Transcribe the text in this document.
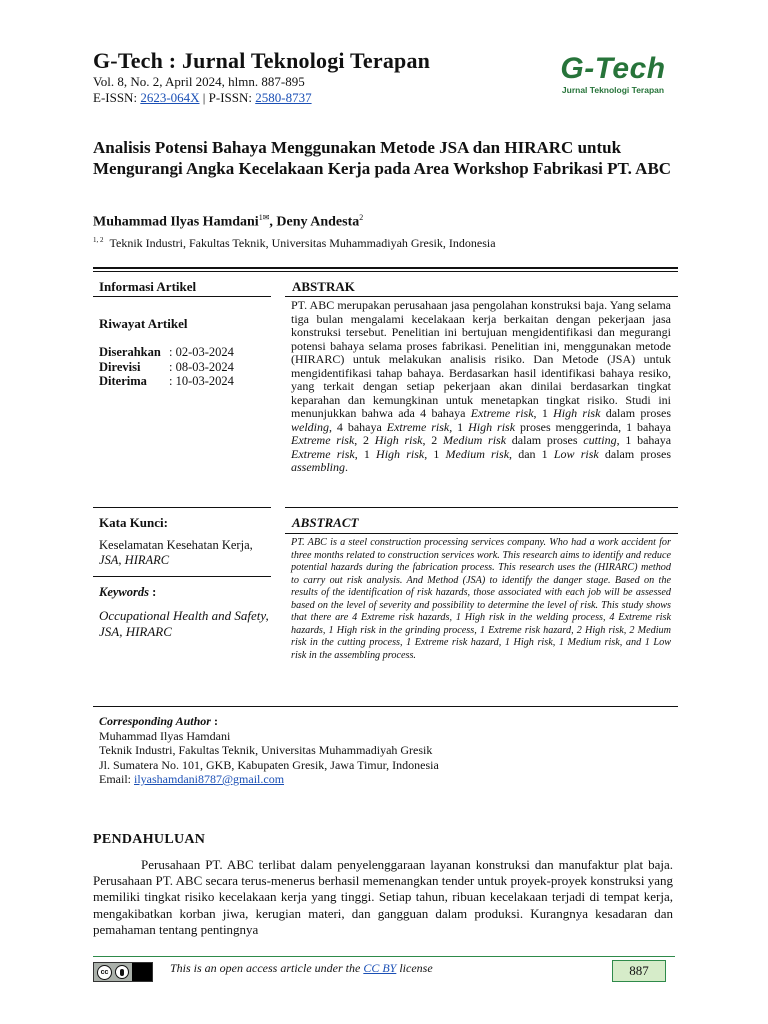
G-Tech : Jurnal Teknologi Terapan
Vol. 8, No. 2, April 2024, hlmn. 887-895
E-ISSN: 2623-064X | P-ISSN: 2580-8737
G-Tech
Jurnal Teknologi Terapan
Analisis Potensi Bahaya Menggunakan Metode JSA dan HIRARC untuk Mengurangi Angka Kecelakaan Kerja pada Area Workshop Fabrikasi PT. ABC
Muhammad Ilyas Hamdani$^{1✉}$, Deny Andesta$^2$
$^{1, 2}$ Teknik Industri, Fakultas Teknik, Universitas Muhammadiyah Gresik, Indonesia
Informasi Artikel
Riwayat Artikel
Diserahkan : 02-03-2024
Direvisi	: 08-03-2024
Diterima	: 10-03-2024
Kata Kunci:
Keselamatan Kesehatan Kerja, JSA, HIRARC
Keywords :
Occupational Health and Safety, JSA, HIRARC
ABSTRAK
PT. ABC merupakan perusahaan jasa pengolahan konstruksi baja. Yang selama tiga bulan mengalami kecelakaan kerja berkaitan dengan pekerjaan jasa konstruksi tersebut. Penelitian ini bertujuan mengidentifikasi dan megurangi potensi bahaya selama proses fabrikasi. Penelitian ini, menggunakan metode (HIRARC) untuk melakukan analisis risiko. Dan Metode (JSA) untuk mengidentifikasi tahap bahaya. Berdasarkan hasil identifikasi bahaya resiko, yang terkait dengan setiap pekerjaan akan dinilai berdasarkan tingkat keparahan dan kemungkinan untuk menetapkan tingkat risiko. Studi ini menunjukkan bahwa ada 4 bahaya Extreme risk, 1 High risk dalam proses welding, 4 bahaya Extreme risk, 1 High risk proses menggerinda, 1 bahaya Extreme risk, 2 High risk, 2 Medium risk dalam proses cutting, 1 bahaya Extreme risk, 1 High risk, 1 Medium risk, dan 1 Low risk dalam proses assembling.
ABSTRACT
PT. ABC is a steel construction processing services company. Who had a work accident for three months related to construction services work. This research aims to identify and reduce potential hazards during the fabrication process. This research uses the (HIRARC) method to carry out risk analysis. And Method (JSA) to identify the danger stage. Based on the results of the identification of risk hazards, those associated with each job will be assessed based on the level of severity and possibility to determine the level of risk. This study shows that there are 4 Extreme risk hazards, 1 High risk in the welding process, 4 Extreme risk hazards, 1 High risk in the grinding process, 1 Extreme risk hazard, 2 High risk, 2 Medium risk in the cutting process, 1 Extreme risk hazard, 1 High risk, 1 Medium risk, and 1 Low risk in the assembling process.
Corresponding Author :
Muhammad Ilyas Hamdani
Teknik Industri, Fakultas Teknik, Universitas Muhammadiyah Gresik
Jl. Sumatera No. 101, GKB, Kabupaten Gresik, Jawa Timur, Indonesia
Email: ilyashamdani8787@gmail.com
PENDAHULUAN
Perusahaan PT. ABC terlibat dalam penyelenggaraan layanan konstruksi dan manufaktur plat baja. Perusahaan PT. ABC secara terus-menerus berhasil memenangkan tender untuk proyek-proyek konstruksi yang memiliki tingkat risiko kecelakaan kerja yang tinggi. Setiap tahun, ribuan kecelakaan terjadi di tempat kerja, mengakibatkan korban jiwa, kerugian materi, dan gangguan dalam produksi. Kurangnya kesadaran dan pemahaman tentang pentingnya
cc	This is an open access article under the CC BY license	887
